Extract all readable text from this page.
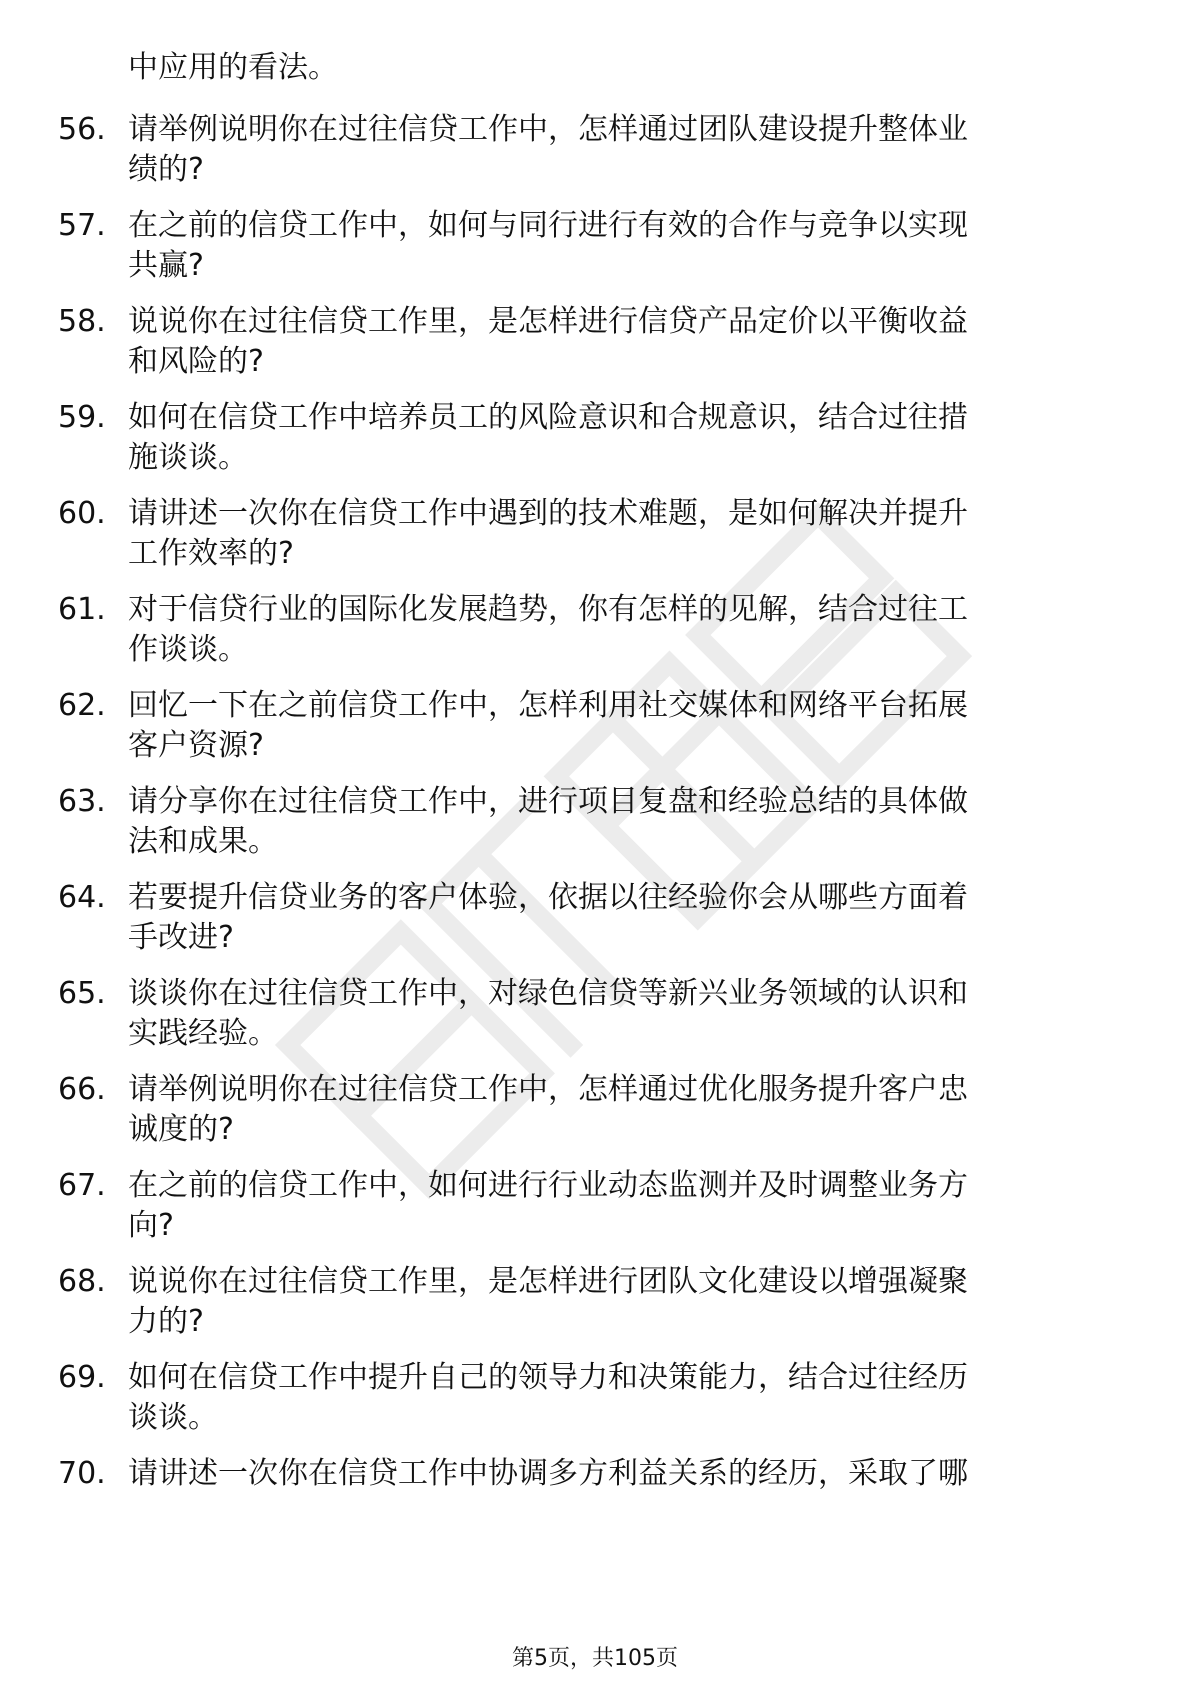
中应用的看法。
56. 请举例说明你在过往信贷工作中，怎样通过团队建设提升整体业
绩的?
57. 在之前的信贷工作中，如何与同行进行有效的合作与竞争以实现
共赢?
58. 说说你在过往信贷工作里，是怎样进行信贷产品定价以平衡收益
和风险的?
59. 如何在信贷工作中培养员工的风险意识和合规意识，结合过往措
施谈谈。
60. 请讲述一次你在信贷工作中遇到的技术难题，是如何解决并提升
工作效率的?
61. 对于信贷行业的国际化发展趋势，你有怎样的见解，结合过往工
作谈谈。
62. 回忆一下在之前信贷工作中，怎样利用社交媒体和网络平台拓展
客户资源?
63. 请分享你在过往信贷工作中，进行项目复盘和经验总结的具体做
法和成果。
64. 若要提升信贷业务的客户体验，依据以往经验你会从哪些方面着
手改进?
65. 谈谈你在过往信贷工作中，对绿色信贷等新兴业务领域的认识和
实践经验。
66. 请举例说明你在过往信贷工作中，怎样通过优化服务提升客户忠
诚度的?
67. 在之前的信贷工作中，如何进行行业动态监测并及时调整业务方
向?
68. 说说你在过往信贷工作里，是怎样进行团队文化建设以增强凝聚
力的?
69. 如何在信贷工作中提升自己的领导力和决策能力，结合过往经历
谈谈。
70. 请讲述一次你在信贷工作中协调多方利益关系的经历，采取了哪
第5页，共105页
